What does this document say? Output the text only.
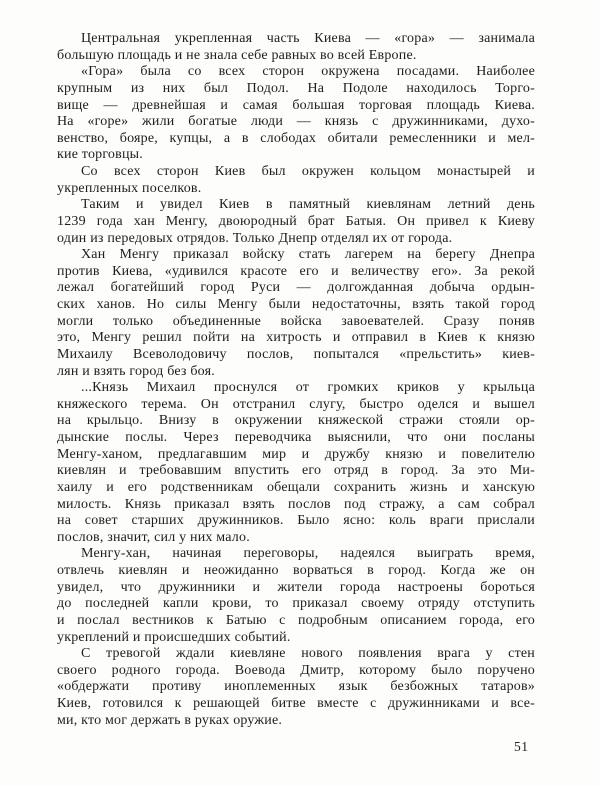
Центральная укрепленная часть Киева — «гора» — занимала
большую площадь и не знала себе равных во всей Европе.
«Гора» была со всех сторон окружена посадами. Наиболее
крупным из них был Подол. На Подоле находилось Торго-
вище — древнейшая и самая большая торговая площадь Киева.
На «горе» жили богатые люди — князь с дружинниками, духо-
венство, бояре, купцы, а в слободах обитали ремесленники и мел-
кие торговцы.
Со всех сторон Киев был окружен кольцом монастырей и
укрепленных поселков.
Таким и увидел Киев в памятный киевлянам летний день
1239 года хан Менгу, двоюродный брат Батыя. Он привел к Киеву
один из передовых отрядов. Только Днепр отделял их от города.
Хан Менгу приказал войску стать лагерем на берегу Днепра
против Киева, «удивился красоте его и величеству его». За рекой
лежал богатейший город Руси — долгожданная добыча ордын-
ских ханов. Но силы Менгу были недостаточны, взять такой город
могли только объединенные войска завоевателей. Сразу поняв
это, Менгу решил пойти на хитрость и отправил в Киев к князю
Михаилу Всеволодовичу послов, попытался «прельстить» киев-
лян и взять город без боя.
...Князь Михаил проснулся от громких криков у крыльца
княжеского терема. Он отстранил слугу, быстро оделся и вышел
на крыльцо. Внизу в окружении княжеской стражи стояли ор-
дынские послы. Через переводчика выяснили, что они посланы
Менгу-ханом, предлагавшим мир и дружбу князю и повелителю
киевлян и требовавшим впустить его отряд в город. За это Ми-
хаилу и его родственникам обещали сохранить жизнь и ханскую
милость. Князь приказал взять послов под стражу, а сам собрал
на совет старших дружинников. Было ясно: коль враги прислали
послов, значит, сил у них мало.
Менгу-хан, начиная переговоры, надеялся выиграть время,
отвлечь киевлян и неожиданно ворваться в город. Когда же он
увидел, что дружинники и жители города настроены бороться
до последней капли крови, то приказал своему отряду отступить
и послал вестников к Батыю с подробным описанием города, его
укреплений и происшедших событий.
С тревогой ждали киевляне нового появления врага у стен
своего родного города. Воевода Дмитр, которому было поручено
«обдержати противу иноплеменных язык безбожных татаров»
Киев, готовился к решающей битве вместе с дружинниками и все-
ми, кто мог держать в руках оружие.
51
